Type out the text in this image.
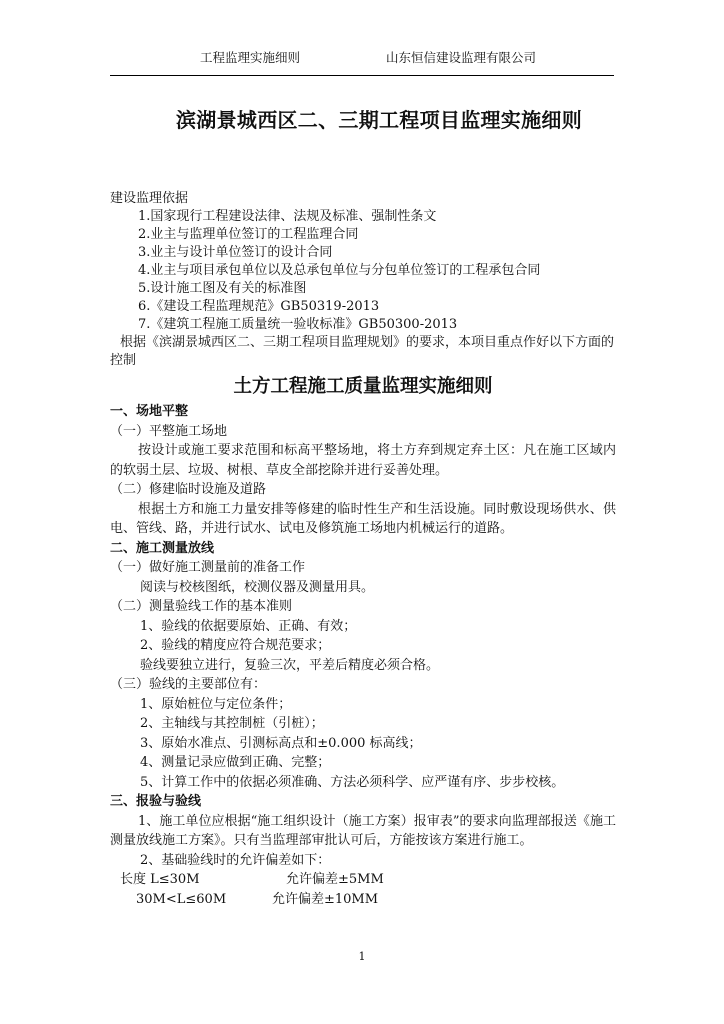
工程监理实施细则	山东恒信建设监理有限公司
滨湖景城西区二、三期工程项目监理实施细则
建设监理依据
1.国家现行工程建设法律、法规及标准、强制性条文
2.业主与监理单位签订的工程监理合同
3.业主与设计单位签订的设计合同
4.业主与项目承包单位以及总承包单位与分包单位签订的工程承包合同
5.设计施工图及有关的标准图
6.《建设工程监理规范》GB50319-2013
7.《建筑工程施工质量统一验收标准》GB50300-2013
根据《滨湖景城西区二、三期工程项目监理规划》的要求，本项目重点作好以下方面的控制
土方工程施工质量监理实施细则
一、场地平整
（一）平整施工场地
按设计或施工要求范围和标高平整场地，将土方弃到规定弃土区：凡在施工区域内的软弱土层、垃圾、树根、草皮全部挖除并进行妥善处理。
（二）修建临时设施及道路
根据土方和施工力量安排等修建的临时性生产和生活设施。同时敷设现场供水、供电、管线、路，并进行试水、试电及修筑施工场地内机械运行的道路。
二、施工测量放线
（一）做好施工测量前的准备工作
阅读与校核图纸，校测仪器及测量用具。
（二）测量验线工作的基本准则
1、验线的依据要原始、正确、有效；
2、验线的精度应符合规范要求；
验线要独立进行，复验三次，平差后精度必须合格。
（三）验线的主要部位有：
1、原始桩位与定位条件；
2、主轴线与其控制桩（引桩）；
3、原始水准点、引测标高点和±0.000 标高线；
4、测量记录应做到正确、完整；
5、计算工作中的依据必须准确、方法必须科学、应严谨有序、步步校核。
三、报验与验线
1、施工单位应根据“施工组织设计（施工方案）报审表”的要求向监理部报送《施工测量放线施工方案》。只有当监理部审批认可后，方能按该方案进行施工。
2、基础验线时的允许偏差如下：
长度 L≤30M	允许偏差±5MM
30M<L≤60M	允许偏差±10MM
1
